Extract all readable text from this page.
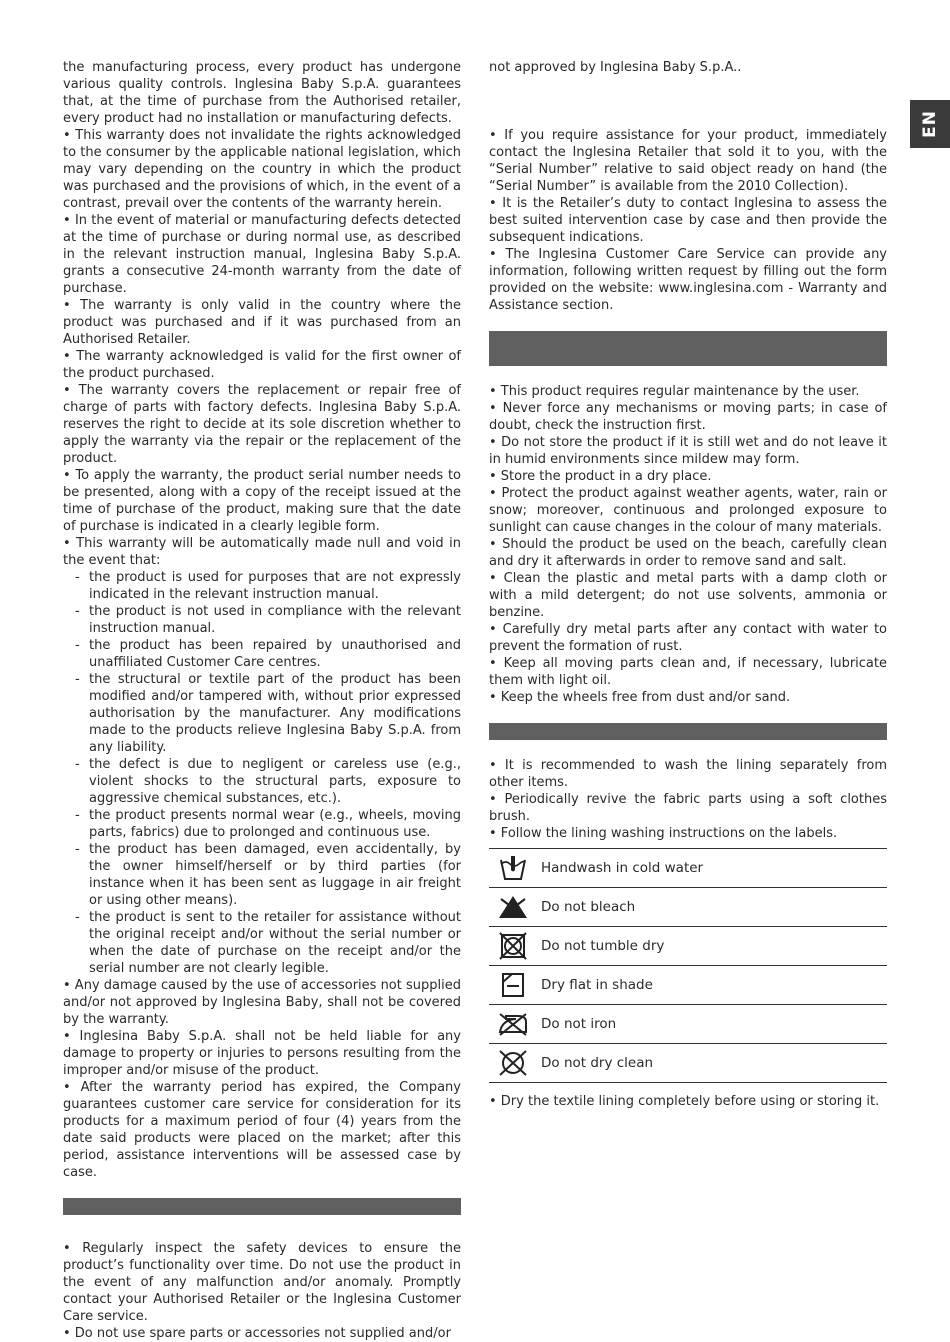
EN

the manufacturing process, every product has undergone various quality controls. Inglesina Baby S.p.A. guarantees that, at the time of purchase from the Authorised retailer, every product had no installation or manufacturing defects.

• This warranty does not invalidate the rights acknowledged to the consumer by the applicable national legislation, which may vary depending on the country in which the product was purchased and the provisions of which, in the event of a contrast, prevail over the contents of the warranty herein.

• In the event of material or manufacturing defects detected at the time of purchase or during normal use, as described in the relevant instruction manual, Inglesina Baby S.p.A. grants a consecutive 24-month warranty from the date of purchase.

• The warranty is only valid in the country where the product was purchased and if it was purchased from an Authorised Retailer.

• The warranty acknowledged is valid for the first owner of the product purchased.

• The warranty covers the replacement or repair free of charge of parts with factory defects. Inglesina Baby S.p.A. reserves the right to decide at its sole discretion whether to apply the warranty via the repair or the replacement of the product.

• To apply the warranty, the product serial number needs to be presented, along with a copy of the receipt issued at the time of purchase of the product, making sure that the date of purchase is indicated in a clearly legible form.

• This warranty will be automatically made null and void in the event that:

- the product is used for purposes that are not expressly indicated in the relevant instruction manual.

- the product is not used in compliance with the relevant instruction manual.

- the product has been repaired by unauthorised and unaffiliated Customer Care centres.

- the structural or textile part of the product has been modified and/or tampered with, without prior expressed authorisation by the manufacturer. Any modifications made to the products relieve Inglesina Baby S.p.A. from any liability.

- the defect is due to negligent or careless use (e.g., violent shocks to the structural parts, exposure to aggressive chemical substances, etc.).

- the product presents normal wear (e.g., wheels, moving parts, fabrics) due to prolonged and continuous use.

- the product has been damaged, even accidentally, by the owner himself/herself or by third parties (for instance when it has been sent as luggage in air freight or using other means).

- the product is sent to the retailer for assistance without the original receipt and/or without the serial number or when the date of purchase on the receipt and/or the serial number are not clearly legible.

• Any damage caused by the use of accessories not supplied and/or not approved by Inglesina Baby, shall not be covered by the warranty.

• Inglesina Baby S.p.A. shall not be held liable for any damage to property or injuries to persons resulting from the improper and/or misuse of the product.

• After the warranty period has expired, the Company guarantees customer care service for consideration for its products for a maximum period of four (4) years from the date said products were placed on the market; after this period, assistance interventions will be assessed case by case.

• Regularly inspect the safety devices to ensure the product’s functionality over time. Do not use the product in the event of any malfunction and/or anomaly. Promptly contact your Authorised Retailer or the Inglesina Customer Care service.

• Do not use spare parts or accessories not supplied and/or

not approved by Inglesina Baby S.p.A..

• If you require assistance for your product, immediately contact the Inglesina Retailer that sold it to you, with the “Serial Number” relative to said object ready on hand (the “Serial Number” is available from the 2010 Collection).

• It is the Retailer’s duty to contact Inglesina to assess the best suited intervention case by case and then provide the subsequent indications.

• The Inglesina Customer Care Service can provide any information, following written request by filling out the form provided on the website: www.inglesina.com - Warranty and Assistance section.

• This product requires regular maintenance by the user.

• Never force any mechanisms or moving parts; in case of doubt, check the instruction first.

• Do not store the product if it is still wet and do not leave it in humid environments since mildew may form.

• Store the product in a dry place.

• Protect the product against weather agents, water, rain or snow; moreover, continuous and prolonged exposure to sunlight can cause changes in the colour of many materials.

• Should the product be used on the beach, carefully clean and dry it afterwards in order to remove sand and salt.

• Clean the plastic and metal parts with a damp cloth or with a mild detergent; do not use solvents, ammonia or benzine.

• Carefully dry metal parts after any contact with water to prevent the formation of rust.

• Keep all moving parts clean and, if necessary, lubricate them with light oil.

• Keep the wheels free from dust and/or sand.

• It is recommended to wash the lining separately from other items.

• Periodically revive the fabric parts using a soft clothes brush.

• Follow the lining washing instructions on the labels.

Handwash in cold water
Do not bleach
Do not tumble dry
Dry flat in shade
Do not iron
Do not dry clean

• Dry the textile lining completely before using or storing it.
